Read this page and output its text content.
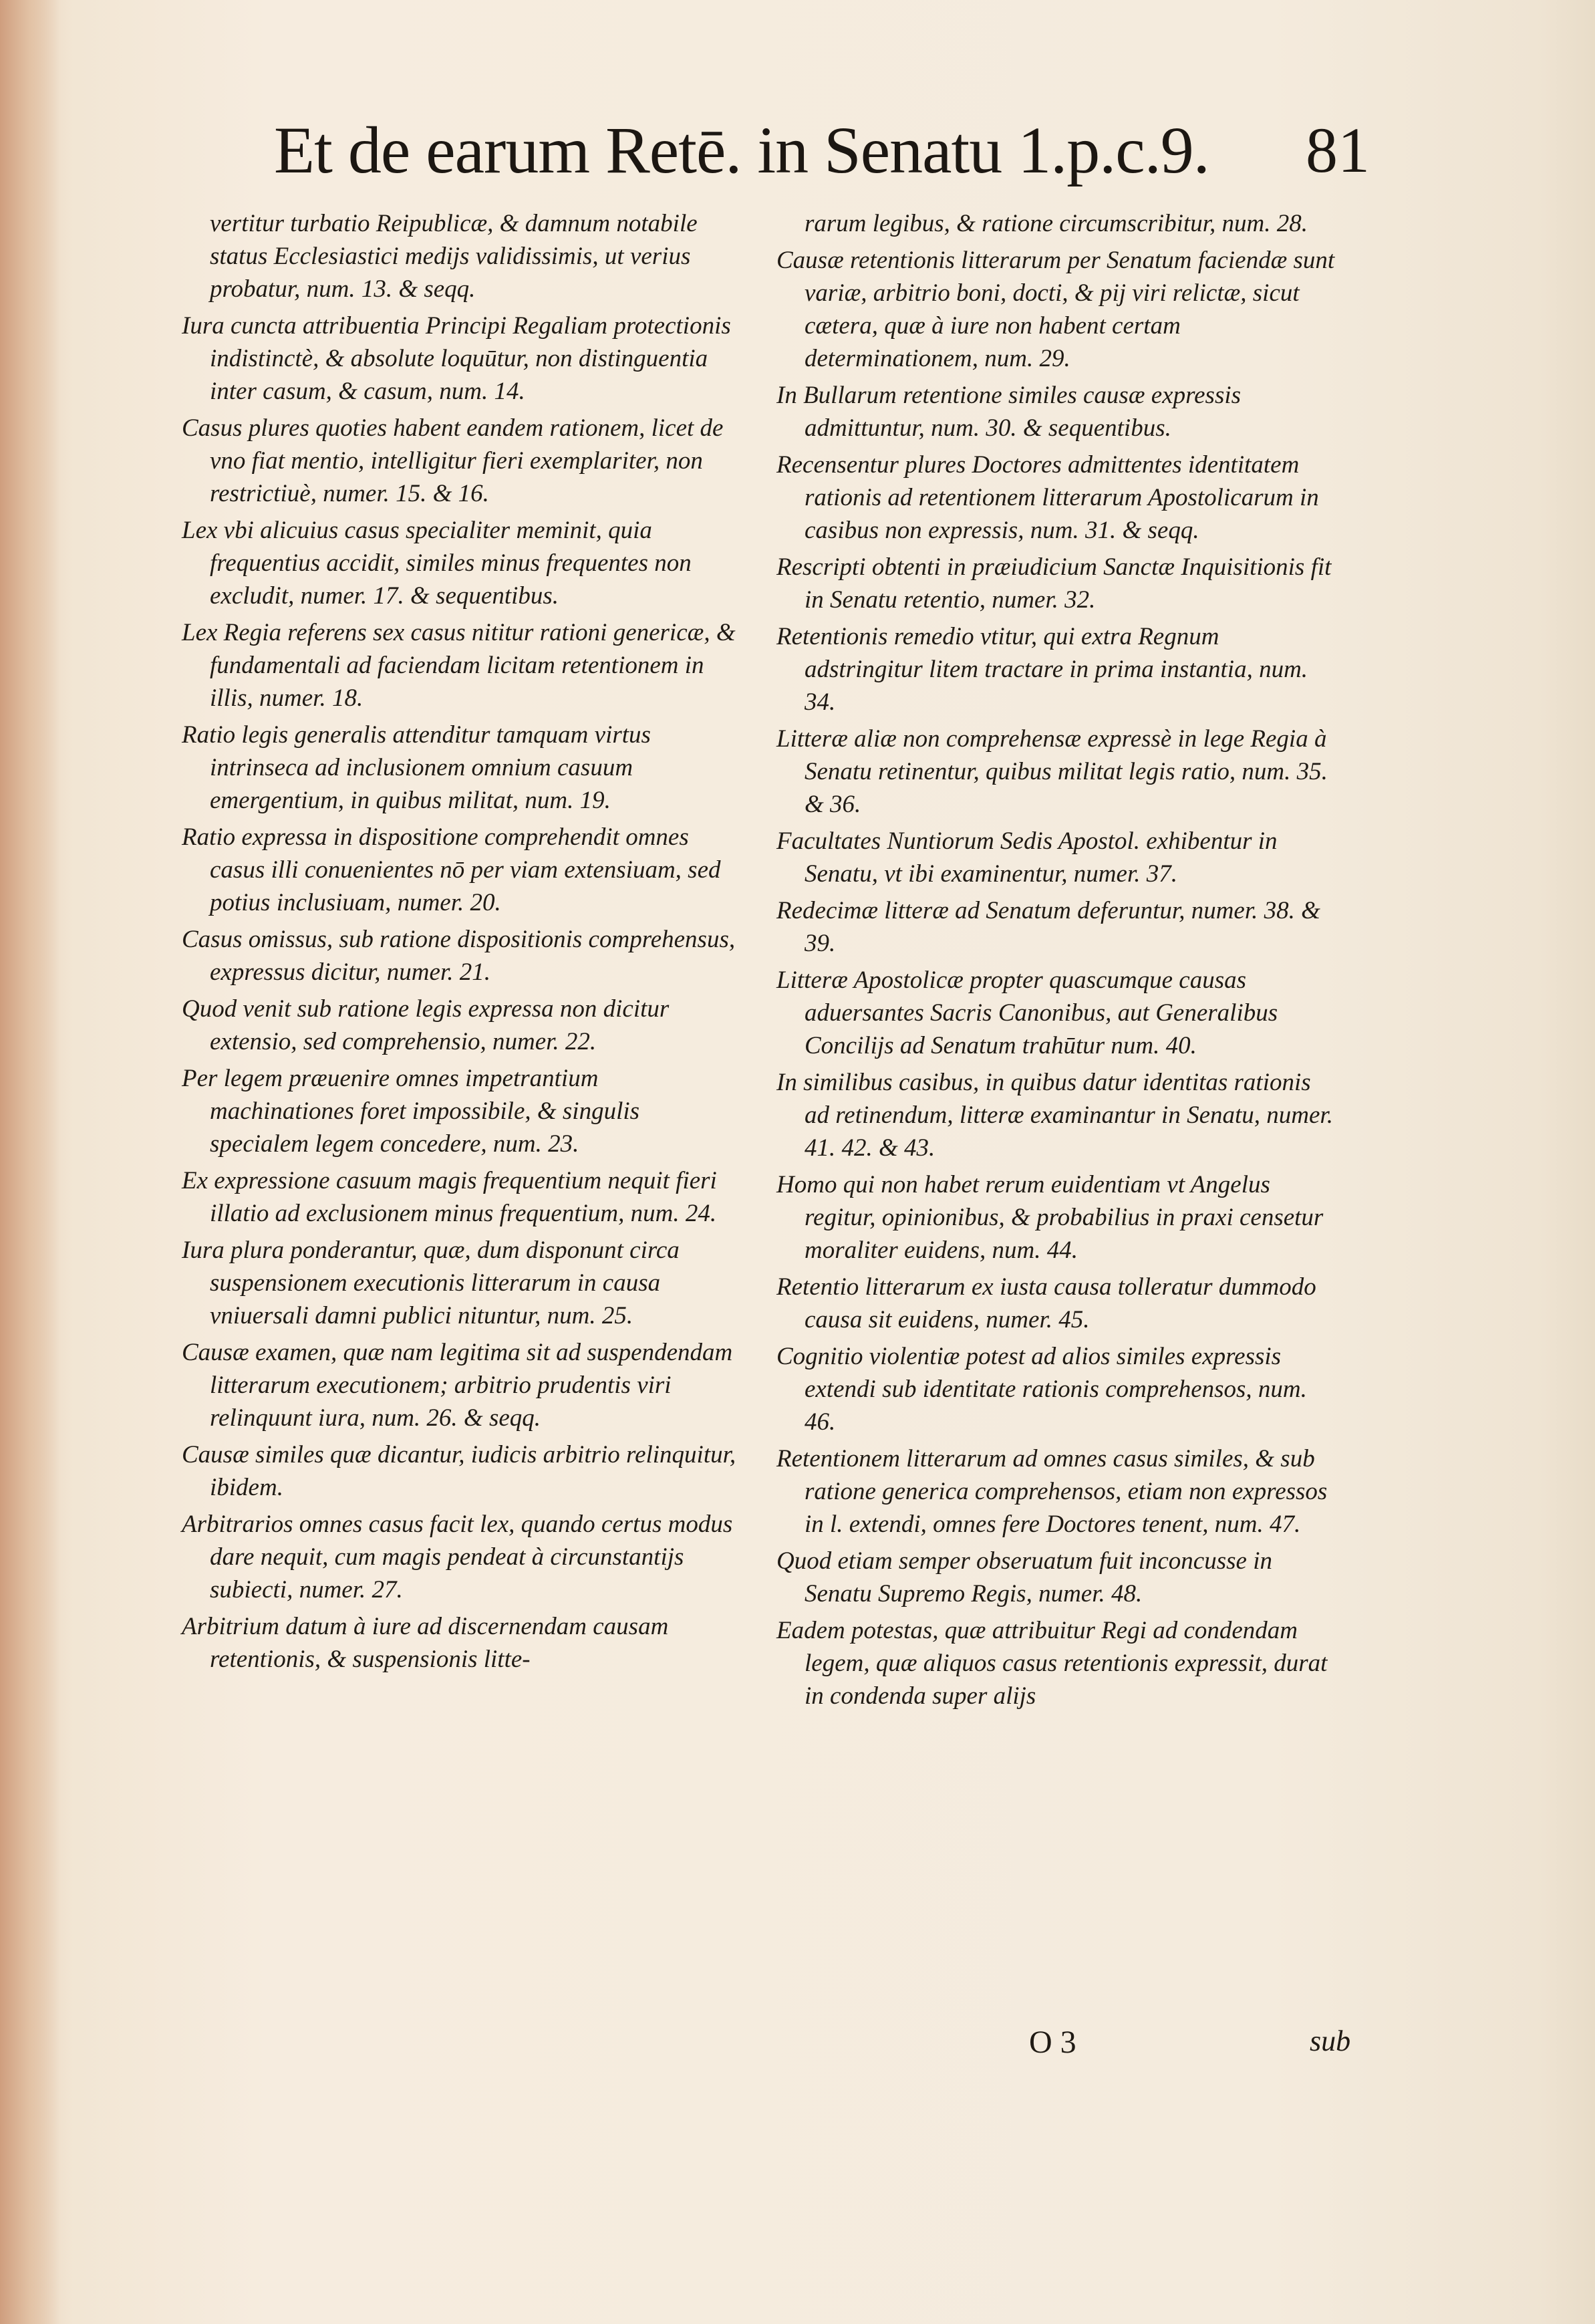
Et de earum Retē. in Senatu 1.p.c.9. 81

vertitur turbatio Reipublicæ, & damnum notabile status Ecclesiastici medijs validissimis, ut verius probatur, num. 13. & seqq.

Iura cuncta attribuentia Principi Regaliam protectionis indistinctè, & absolute loquūtur, non distinguentia inter casum, & casum, num. 14.

Casus plures quoties habent eandem rationem, licet de vno fiat mentio, intelligitur fieri exemplariter, non restrictiuè, numer. 15. & 16.

Lex vbi alicuius casus specialiter meminit, quia frequentius accidit, similes minus frequentes non excludit, numer. 17. & sequentibus.

Lex Regia referens sex casus nititur rationi genericæ, & fundamentali ad faciendam licitam retentionem in illis, numer. 18.

Ratio legis generalis attenditur tamquam virtus intrinseca ad inclusionem omnium casuum emergentium, in quibus militat, num. 19.

Ratio expressa in dispositione comprehendit omnes casus illi conuenientes nō per viam extensiuam, sed potius inclusiuam, numer. 20.

Casus omissus, sub ratione dispositionis comprehensus, expressus dicitur, numer. 21.

Quod venit sub ratione legis expressa non dicitur extensio, sed comprehensio, numer. 22.

Per legem præuenire omnes impetrantium machinationes foret impossibile, & singulis specialem legem concedere, num. 23.

Ex expressione casuum magis frequentium nequit fieri illatio ad exclusionem minus frequentium, num. 24.

Iura plura ponderantur, quæ, dum disponunt circa suspensionem executionis litterarum in causa vniuersali damni publici nituntur, num. 25.

Causæ examen, quæ nam legitima sit ad suspendendam litterarum executionem; arbitrio prudentis viri relinquunt iura, num. 26. & seqq.

Causæ similes quæ dicantur, iudicis arbitrio relinquitur, ibidem.

Arbitrarios omnes casus facit lex, quando certus modus dare nequit, cum magis pendeat à circunstantijs subiecti, numer. 27.

Arbitrium datum à iure ad discernendam causam retentionis, & suspensionis litte-

rarum legibus, & ratione circumscribitur, num. 28.

Causæ retentionis litterarum per Senatum faciendæ sunt variæ, arbitrio boni, docti, & pij viri relictæ, sicut cætera, quæ à iure non habent certam determinationem, num. 29.

In Bullarum retentione similes causæ expressis admittuntur, num. 30. & sequentibus.

Recensentur plures Doctores admittentes identitatem rationis ad retentionem litterarum Apostolicarum in casibus non expressis, num. 31. & seqq.

Rescripti obtenti in præiudicium Sanctæ Inquisitionis fit in Senatu retentio, numer. 32.

Retentionis remedio vtitur, qui extra Regnum adstringitur litem tractare in prima instantia, num. 34.

Litteræ aliæ non comprehensæ expressè in lege Regia à Senatu retinentur, quibus militat legis ratio, num. 35. & 36.

Facultates Nuntiorum Sedis Apostol. exhibentur in Senatu, vt ibi examinentur, numer. 37.

Redecimæ litteræ ad Senatum deferuntur, numer. 38. & 39.

Litteræ Apostolicæ propter quascumque causas aduersantes Sacris Canonibus, aut Generalibus Concilijs ad Senatum trahūtur num. 40.

In similibus casibus, in quibus datur identitas rationis ad retinendum, litteræ examinantur in Senatu, numer. 41. 42. & 43.

Homo qui non habet rerum euidentiam vt Angelus regitur, opinionibus, & probabilius in praxi censetur moraliter euidens, num. 44.

Retentio litterarum ex iusta causa tolleratur dummodo causa sit euidens, numer. 45.

Cognitio violentiæ potest ad alios similes expressis extendi sub identitate rationis comprehensos, num. 46.

Retentionem litterarum ad omnes casus similes, & sub ratione generica comprehensos, etiam non expressos in l. extendi, omnes fere Doctores tenent, num. 47.

Quod etiam semper obseruatum fuit inconcusse in Senatu Supremo Regis, numer. 48.

Eadem potestas, quæ attribuitur Regi ad condendam legem, quæ aliquos casus retentionis expressit, durat in condenda super alijs

O 3	sub
